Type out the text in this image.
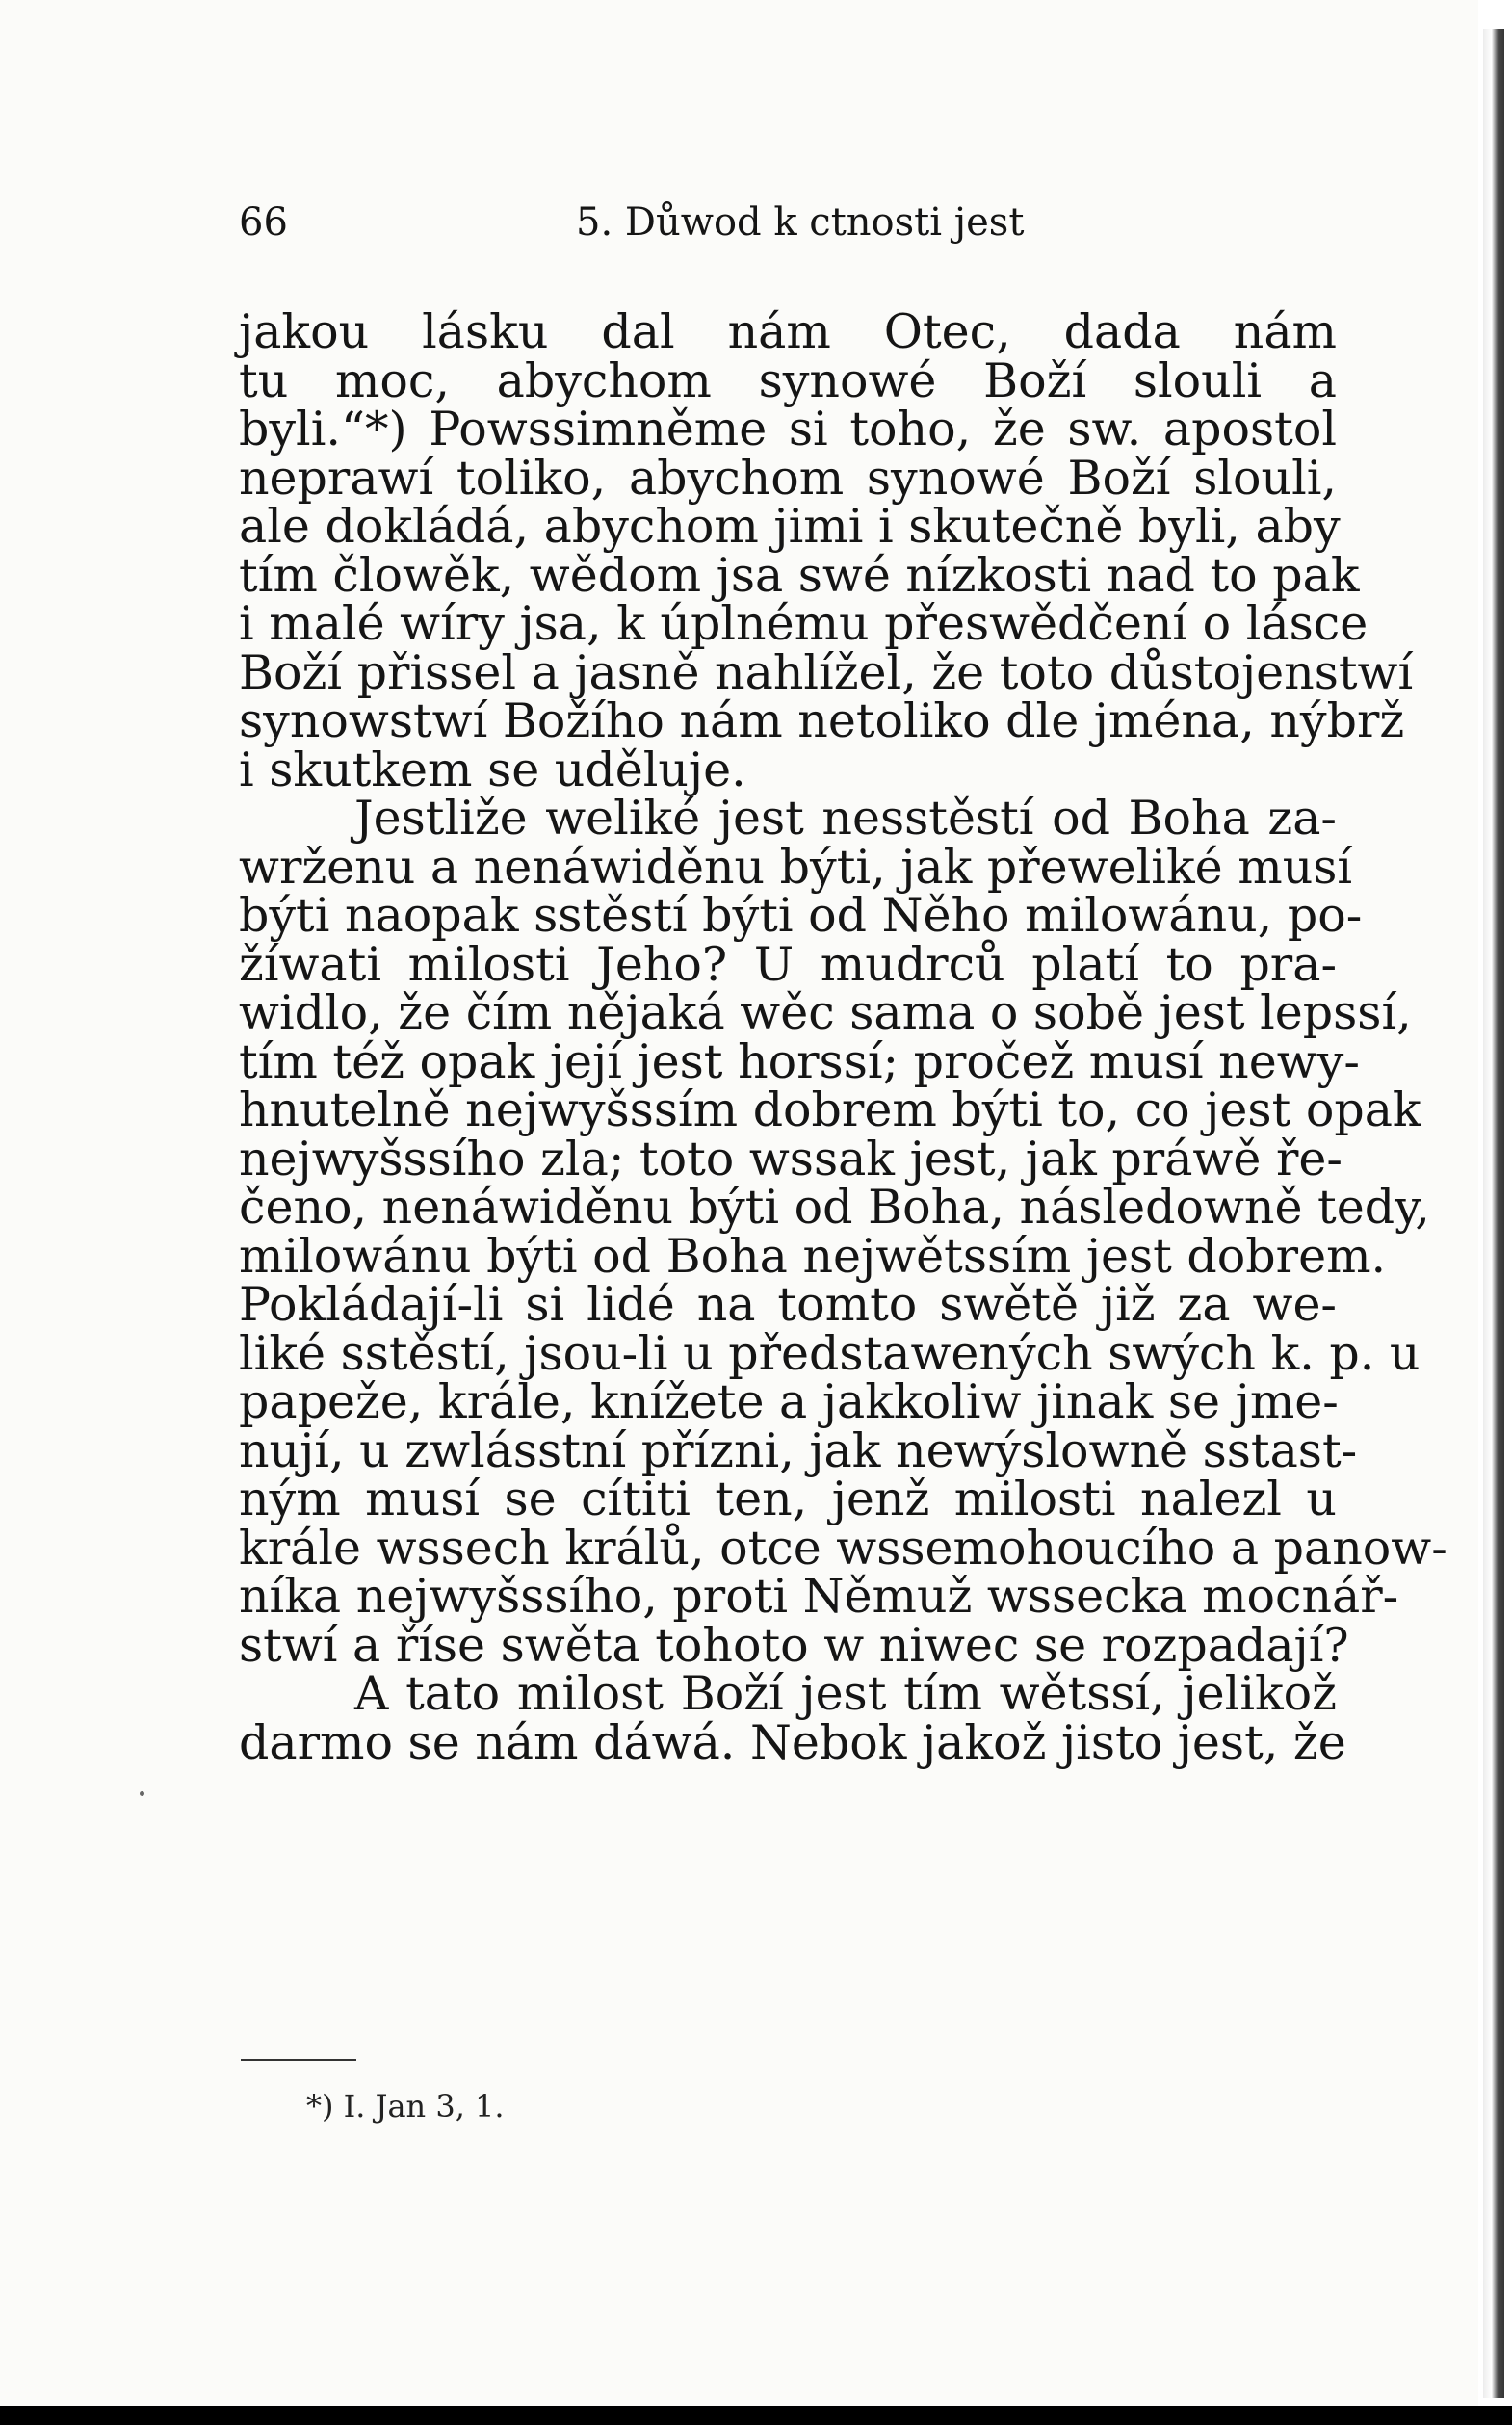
66	5. Důwod k ctnosti jest
jakou lásku dal nám Otec, dada nám
tu moc, abychom synowé Boží slouli a
byli.“*) Powssimněme si toho, že sw. apostol
neprawí toliko, abychom synowé Boží slouli,
ale dokládá, abychom jimi i skutečně byli, aby
tím člowěk, wědom jsa swé nízkosti nad to pak
i malé wíry jsa, k úplnému přeswědčení o lásce
Boží přissel a jasně nahlížel, že toto důstojenstwí
synowstwí Božího nám netoliko dle jména, nýbrž
i skutkem se uděluje.
Jestliže weliké jest nesstěstí od Boha za-
wrženu a nenáwiděnu býti, jak přeweliké musí
býti naopak sstěstí býti od Něho milowánu, po-
žíwati milosti Jeho? U mudrců platí to pra-
widlo, že čím nějaká wěc sama o sobě jest lepssí,
tím též opak její jest horssí; pročež musí newy-
hnutelně nejwyšssím dobrem býti to, co jest opak
nejwyšssího zla; toto wssak jest, jak práwě ře-
čeno, nenáwiděnu býti od Boha, následowně tedy,
milowánu býti od Boha nejwětssím jest dobrem.
Pokládají-li si lidé na tomto swětě již za we-
liké sstěstí, jsou-li u předstawených swých k. p. u
papeže, krále, knížete a jakkoliw jinak se jme-
nují, u zwlásstní přízni, jak newýslowně sstast-
ným musí se cítiti ten, jenž milosti nalezl u
krále wssech králů, otce wssemohoucího a panow-
níka nejwyšssího, proti Němuž wssecka mocnář-
stwí a říse swěta tohoto w niwec se rozpadají?
A tato milost Boží jest tím wětssí, jelikož
darmo se nám dáwá. Nebok jakož jisto jest, že
*) I. Jan 3, 1.
